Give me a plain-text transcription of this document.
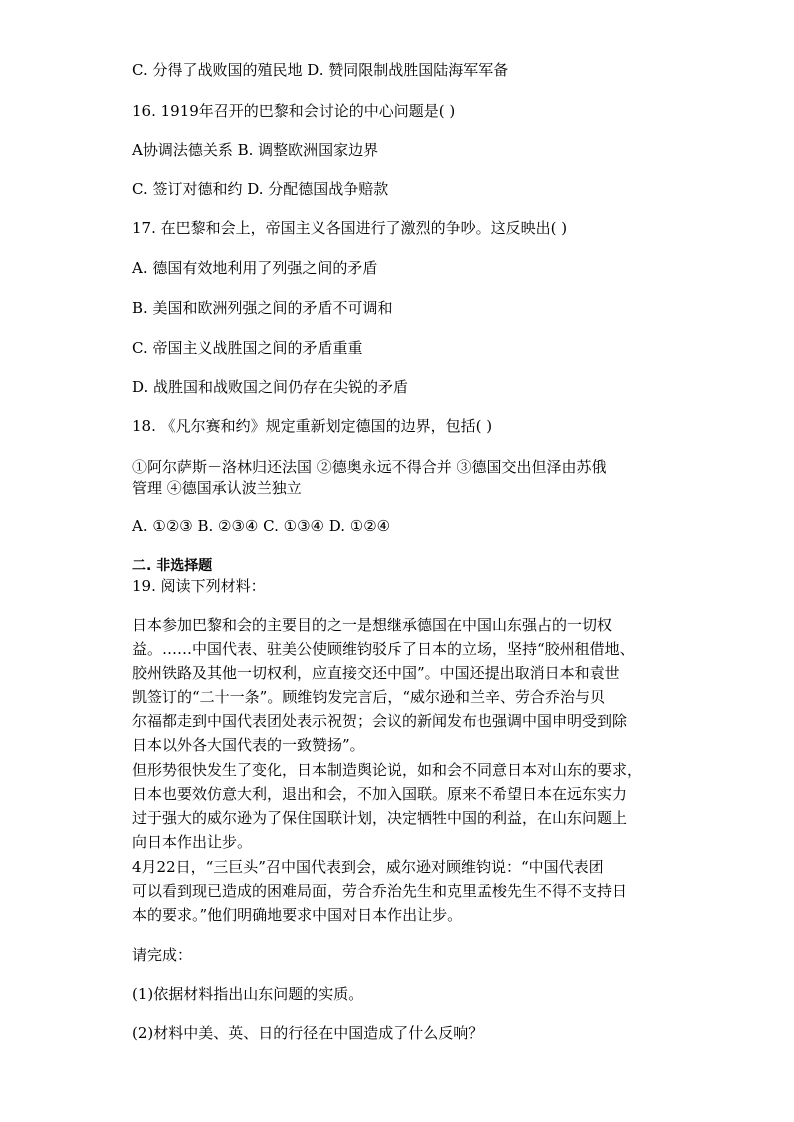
C. 分得了战败国的殖民地 D. 赞同限制战胜国陆海军军备
16. 1919年召开的巴黎和会讨论的中心问题是( )
A协调法德关系 B. 调整欧洲国家边界
C. 签订对德和约 D. 分配德国战争赔款
17. 在巴黎和会上，帝国主义各国进行了激烈的争吵。这反映出( )
A. 德国有效地利用了列强之间的矛盾
B. 美国和欧洲列强之间的矛盾不可调和
C. 帝国主义战胜国之间的矛盾重重
D. 战胜国和战败国之间仍存在尖锐的矛盾
18. 《凡尔赛和约》规定重新划定德国的边界，包括( )
①阿尔萨斯－洛林归还法国 ②德奥永远不得合并 ③德国交出但泽由苏俄
管理 ④德国承认波兰独立
A. ①②③ B. ②③④ C. ①③④ D. ①②④
二. 非选择题
19. 阅读下列材料：
日本参加巴黎和会的主要目的之一是想继承德国在中国山东强占的一切权
益。……中国代表、驻美公使顾维钧驳斥了日本的立场，坚持“胶州租借地、
胶州铁路及其他一切权利，应直接交还中国”。中国还提出取消日本和袁世
凯签订的“二十一条”。顾维钧发完言后，“威尔逊和兰辛、劳合乔治与贝
尔福都走到中国代表团处表示祝贺；会议的新闻发布也强调中国申明受到除
日本以外各大国代表的一致赞扬”。
但形势很快发生了变化，日本制造舆论说，如和会不同意日本对山东的要求，
日本也要效仿意大利，退出和会，不加入国联。原来不希望日本在远东实力
过于强大的威尔逊为了保住国联计划，决定牺牲中国的利益，在山东问题上
向日本作出让步。
4月22日，“三巨头”召中国代表到会，威尔逊对顾维钧说：“中国代表团
可以看到现已造成的困难局面，劳合乔治先生和克里孟梭先生不得不支持日
本的要求。”他们明确地要求中国对日本作出让步。
请完成：
(1)依据材料指出山东问题的实质。
(2)材料中美、英、日的行径在中国造成了什么反响？
